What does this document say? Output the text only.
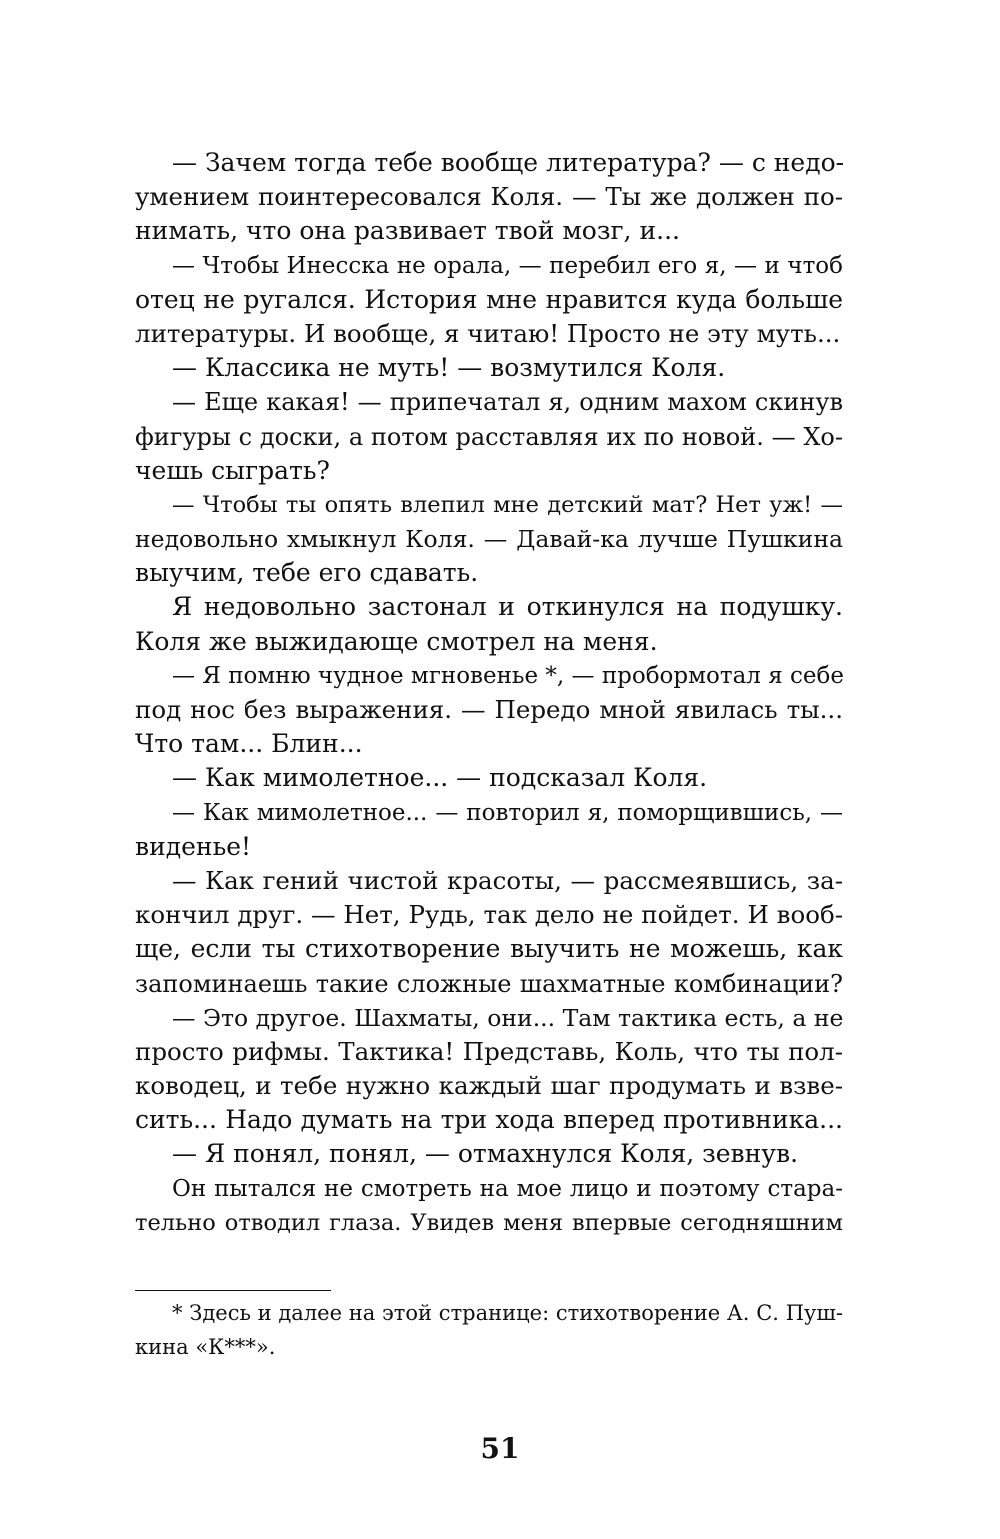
— Зачем тогда тебе вообще литература? — с недо-
умением поинтересовался Коля. — Ты же должен по-
нимать, что она развивает твой мозг, и...
— Чтобы Инесска не орала, — перебил его я, — и чтоб
отец не ругался. История мне нравится куда больше
литературы. И вообще, я читаю! Просто не эту муть...
— Классика не муть! — возмутился Коля.
— Еще какая! — припечатал я, одним махом скинув
фигуры с доски, а потом расставляя их по новой. — Хо-
чешь сыграть?
— Чтобы ты опять влепил мне детский мат? Нет уж! —
недовольно хмыкнул Коля. — Давай-ка лучше Пушкина
выучим, тебе его сдавать.
Я недовольно застонал и откинулся на подушку.
Коля же выжидающе смотрел на меня.
— Я помню чудное мгновенье *, — пробормотал я себе
под нос без выражения. — Передо мной явилась ты...
Что там... Блин...
— Как мимолетное... — подсказал Коля.
— Как мимолетное... — повторил я, поморщившись, —
виденье!
— Как гений чистой красоты, — рассмеявшись, за-
кончил друг. — Нет, Рудь, так дело не пойдет. И вооб-
ще, если ты стихотворение выучить не можешь, как
запоминаешь такие сложные шахматные комбинации?
— Это другое. Шахматы, они... Там тактика есть, а не
просто рифмы. Тактика! Представь, Коль, что ты пол-
ководец, и тебе нужно каждый шаг продумать и взве-
сить... Надо думать на три хода вперед противника...
— Я понял, понял, — отмахнулся Коля, зевнув.
Он пытался не смотреть на мое лицо и поэтому стара-
тельно отводил глаза. Увидев меня впервые сегодняшним
* Здесь и далее на этой странице: стихотворение А. С. Пуш-
кина «К***».
51
